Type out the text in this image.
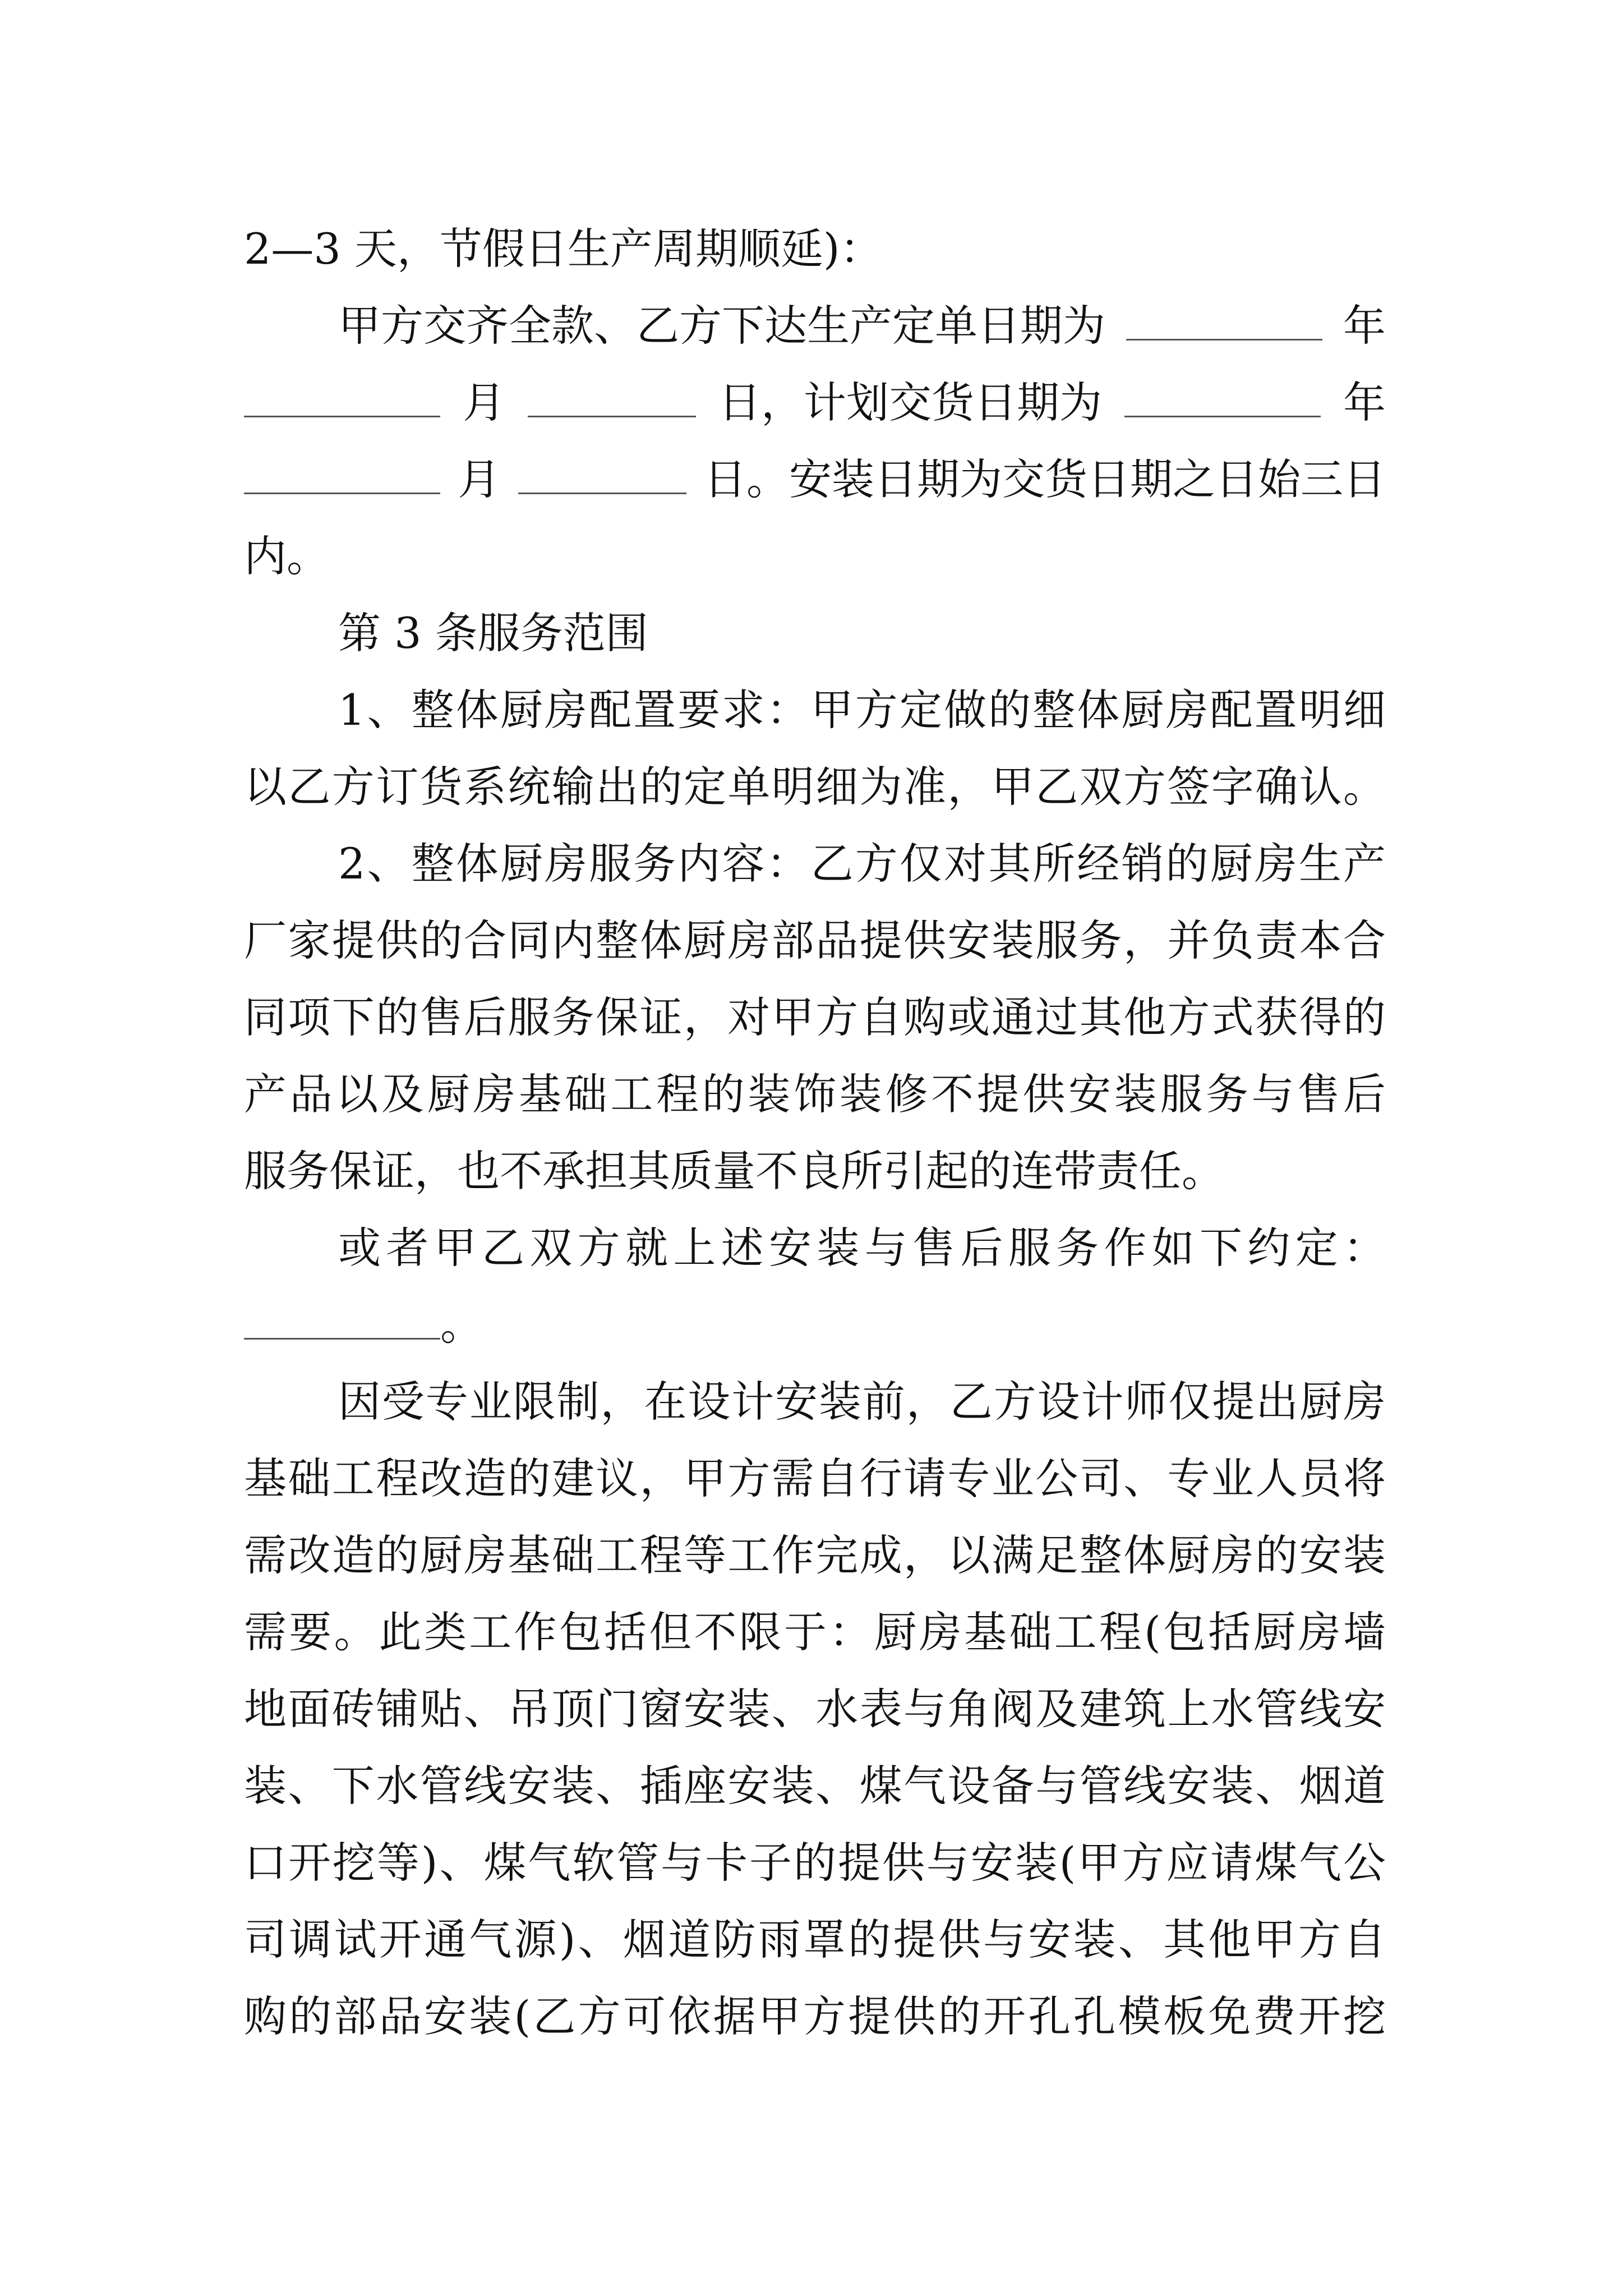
2—3 天，节假日生产周期顺延)：
甲方交齐全款、乙方下达生产定单日期为	年
月	日，计划交货日期为	年
月	日。安装日期为交货日期之日始三日
内。
第 3 条服务范围
1、整体厨房配置要求：甲方定做的整体厨房配置明细
以乙方订货系统输出的定单明细为准，甲乙双方签字确认。
2、整体厨房服务内容：乙方仅对其所经销的厨房生产
厂家提供的合同内整体厨房部品提供安装服务，并负责本合
同项下的售后服务保证，对甲方自购或通过其他方式获得的
产品以及厨房基础工程的装饰装修不提供安装服务与售后
服务保证，也不承担其质量不良所引起的连带责任。
或者甲乙双方就上述安装与售后服务作如下约定：
。
因受专业限制，在设计安装前，乙方设计师仅提出厨房
基础工程改造的建议，甲方需自行请专业公司、专业人员将
需改造的厨房基础工程等工作完成，以满足整体厨房的安装
需要。此类工作包括但不限于：厨房基础工程(包括厨房墙
地面砖铺贴、吊顶门窗安装、水表与角阀及建筑上水管线安
装、下水管线安装、插座安装、煤气设备与管线安装、烟道
口开挖等)、煤气软管与卡子的提供与安装(甲方应请煤气公
司调试开通气源)、烟道防雨罩的提供与安装、其他甲方自
购的部品安装(乙方可依据甲方提供的开孔孔模板免费开挖
